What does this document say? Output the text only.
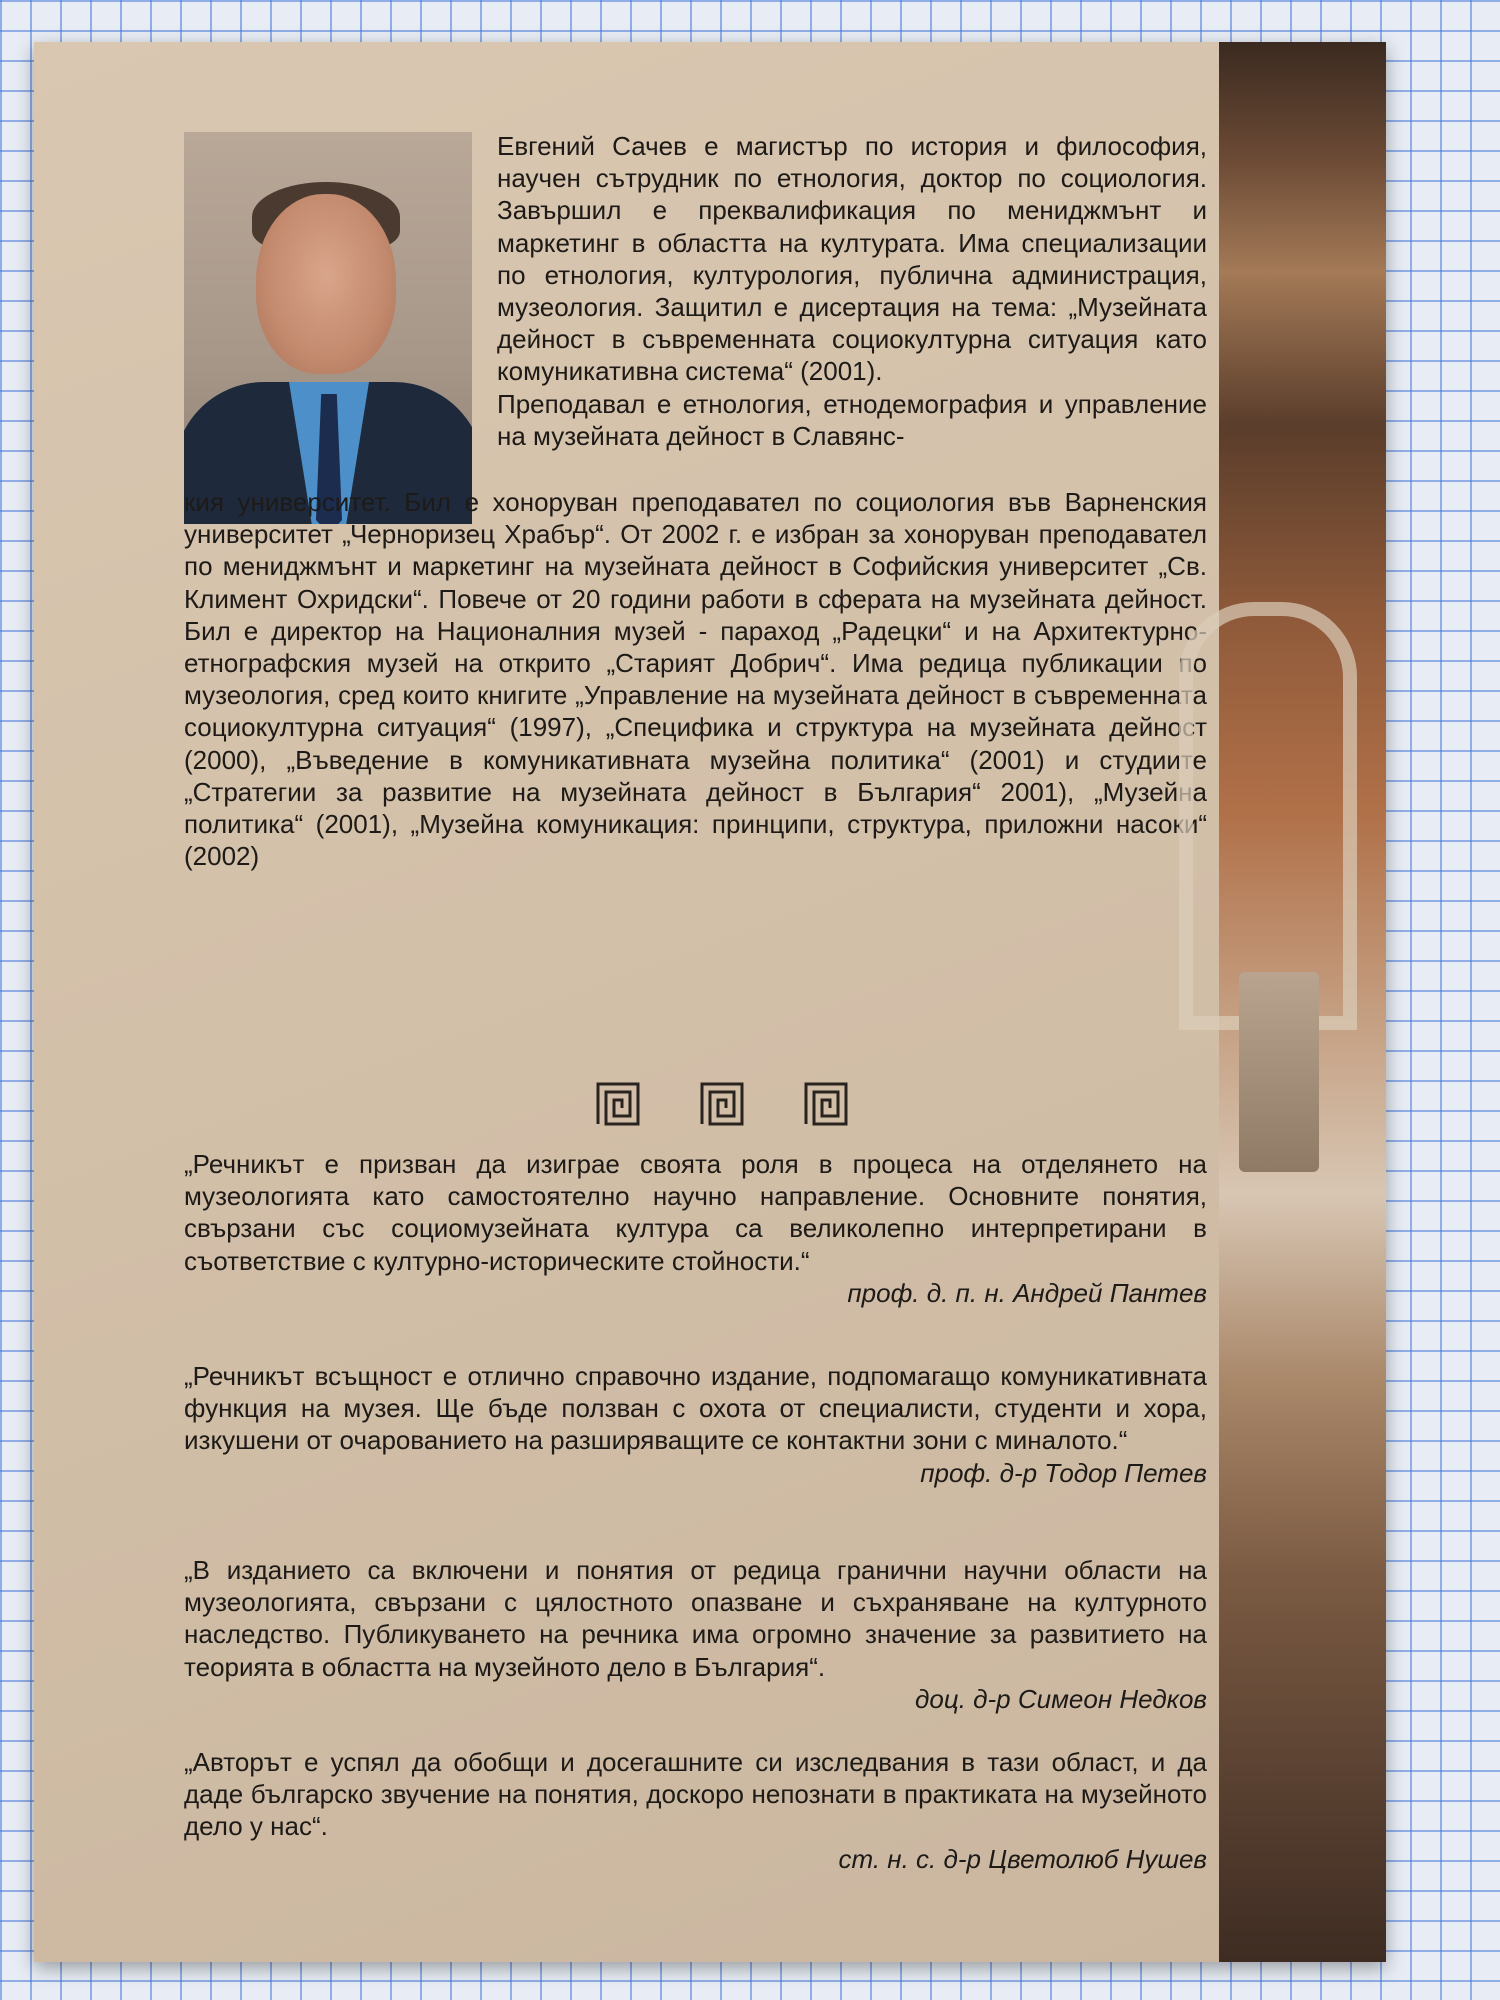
Евгений Сачев е магистър по история и философия, научен сътрудник по етнология, доктор по социология. Завършил е преквалификация по мениджмънт и маркетинг в областта на културата. Има специализации по етнология, културология, публична администрация, музеология. Защитил е дисертация на тема: „Музейната дейност в съвременната социокултурна ситуация като комуникативна система“ (2001).

Преподавал е етнология, етнодемография и управление на музейната дейност в Славянс-

кия университет. Бил е хоноруван преподавател по социология във Варненския университет „Черноризец Храбър“. От 2002 г. е избран за хоноруван преподавател по мениджмънт и маркетинг на музейната дейност в Софийския университет „Св. Климент Охридски“. Повече от 20 години работи в сферата на музейната дейност. Бил е директор на Националния музей - параход „Радецки“ и на Архитектурно-етнографския музей на открито „Старият Добрич“. Има редица публикации по музеология, сред които книгите „Управление на музейната дейност в съвременната социокултурна ситуация“ (1997), „Специфика и структура на музейната дейност (2000), „Въведение в комуникативната музейна политика“ (2001) и студиите „Стратегии за развитие на музейната дейност в България“ 2001), „Музейна политика“ (2001), „Музейна комуникация: принципи, структура, приложни насоки“ (2002)

„Речникът е призван да изиграе своята роля в процеса на отделянето на музеологията като самостоятелно научно направление. Основните понятия, свързани със социомузейната култура са великолепно интерпретирани в съответствие с културно-историческите стойности.“

проф. д. п. н. Андрей Пантев

„Речникът всъщност е отлично справочно издание, подпомагащо комуникативната функция на музея. Ще бъде ползван с охота от специалисти, студенти и хора, изкушени от очарованието на разширяващите се контактни зони с миналото.“

проф. д-р Тодор Петев

„В изданието са включени и понятия от редица гранични научни области на музеологията, свързани с цялостното опазване и съхраняване на културното наследство. Публикуването на речника има огромно значение за развитието на теорията в областта на музейното дело в България“.

доц. д-р Симеон Недков

„Авторът е успял да обобщи и досегашните си изследвания в тази област, и да даде българско звучение на понятия, доскоро непознати в практиката на музейното дело у нас“.

ст. н. с. д-р Цветолюб Нушев
